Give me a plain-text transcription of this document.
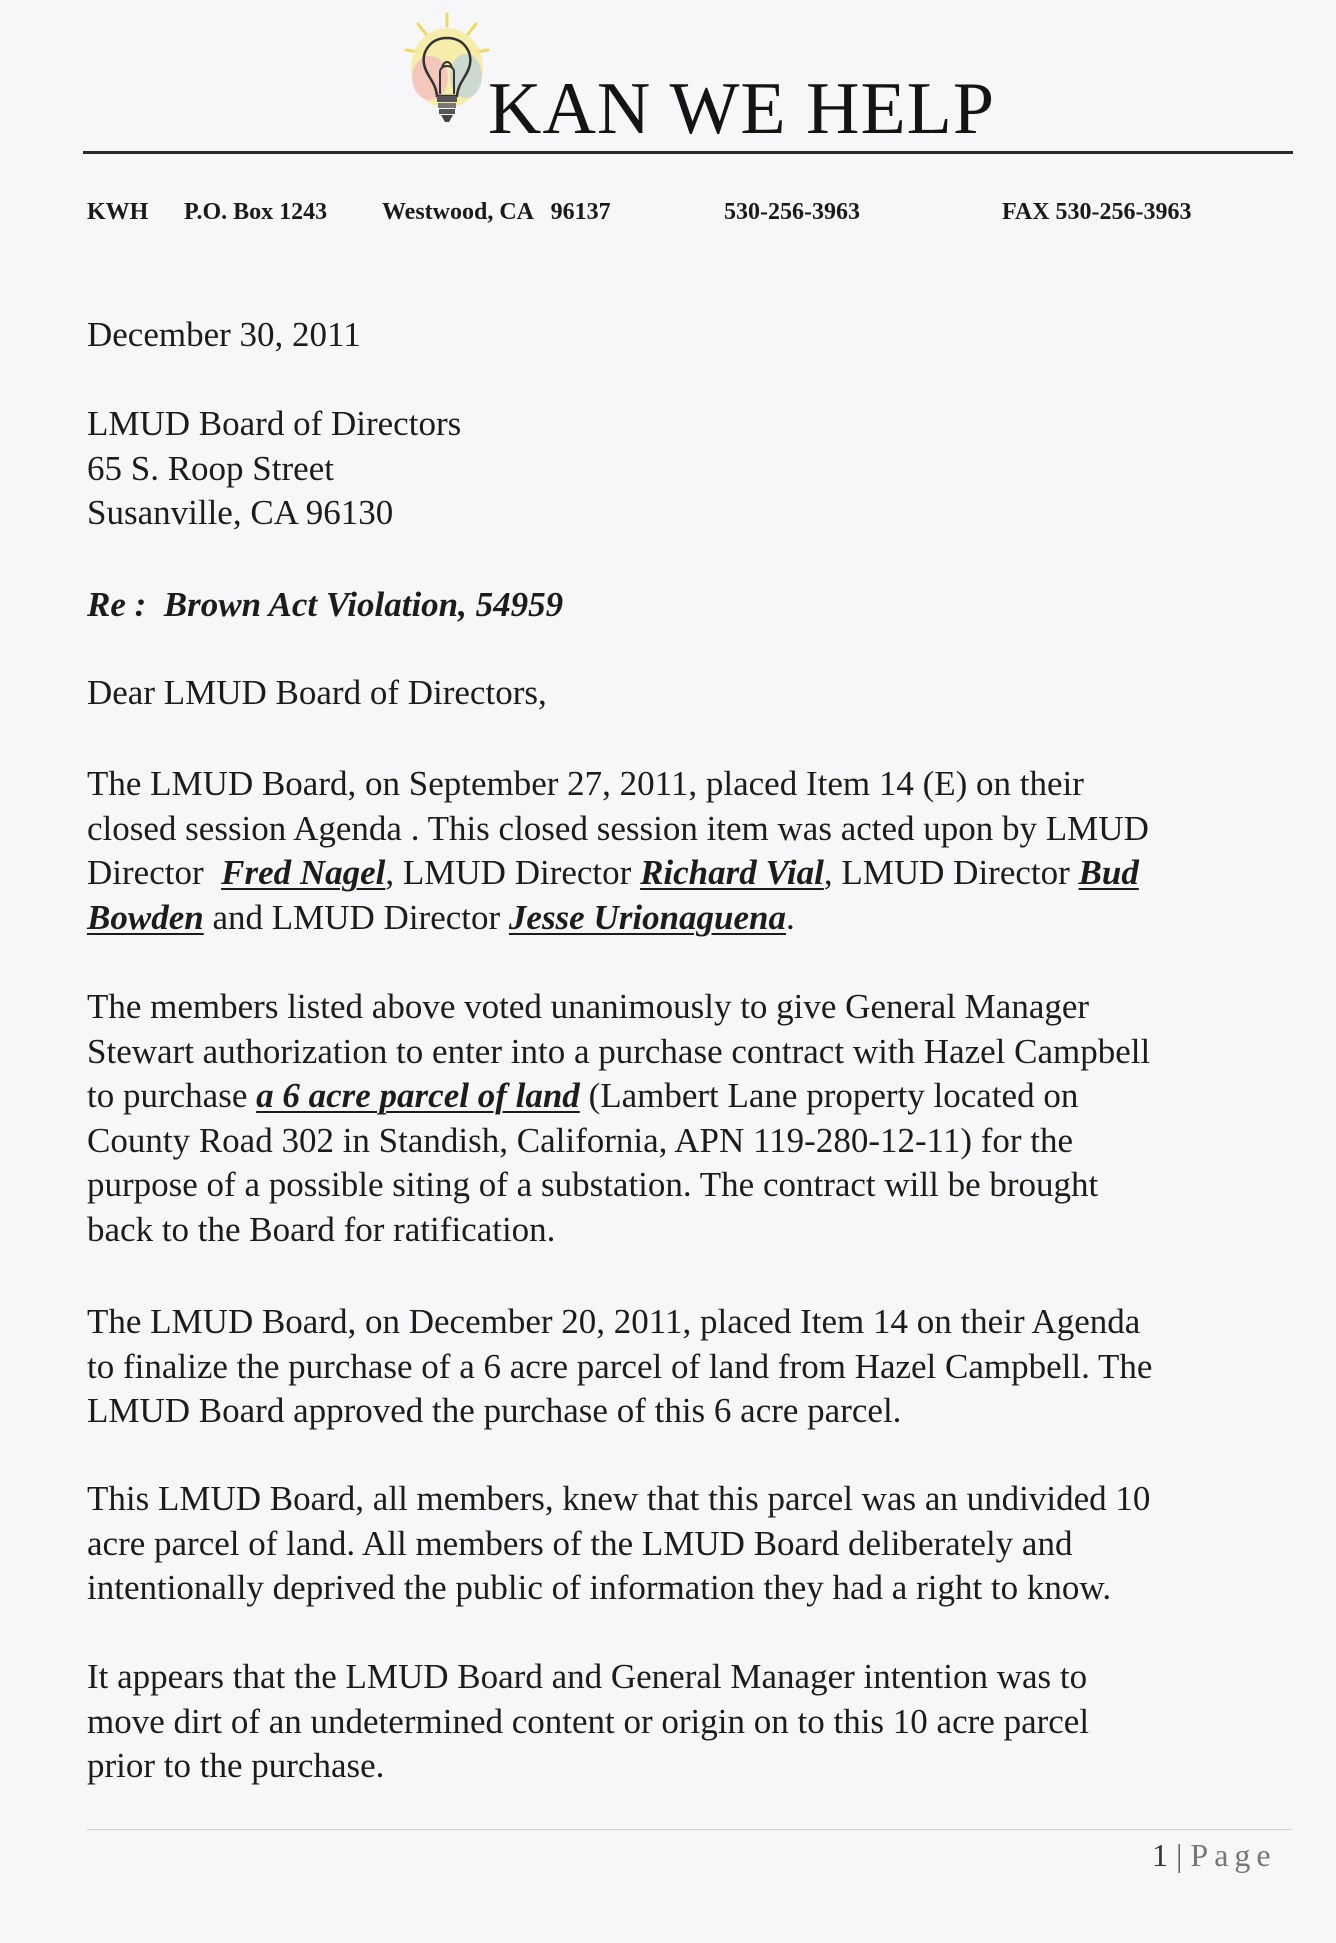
KAN WE HELP
KWH P.O. Box 1243 Westwood, CA   96137	530-256-3963	FAX 530-256-3963
December 30, 2011
LMUD Board of Directors
65 S. Roop Street
Susanville, CA 96130
Re :  Brown Act Violation, 54959
Dear LMUD Board of Directors,
The LMUD Board, on September 27, 2011, placed Item 14 (E) on their
closed session Agenda . This closed session item was acted upon by LMUD
Director  Fred Nagel, LMUD Director Richard Vial, LMUD Director Bud
Bowden and LMUD Director Jesse Urionaguena.
The members listed above voted unanimously to give General Manager
Stewart authorization to enter into a purchase contract with Hazel Campbell
to purchase a 6 acre parcel of land (Lambert Lane property located on
County Road 302 in Standish, California, APN 119-280-12-11) for the
purpose of a possible siting of a substation. The contract will be brought
back to the Board for ratification.
The LMUD Board, on December 20, 2011, placed Item 14 on their Agenda
to finalize the purchase of a 6 acre parcel of land from Hazel Campbell. The
LMUD Board approved the purchase of this 6 acre parcel.
This LMUD Board, all members, knew that this parcel was an undivided 10
acre parcel of land. All members of the LMUD Board deliberately and
intentionally deprived the public of information they had a right to know.
It appears that the LMUD Board and General Manager intention was to
move dirt of an undetermined content or origin on to this 10 acre parcel
prior to the purchase.
1 | Page
